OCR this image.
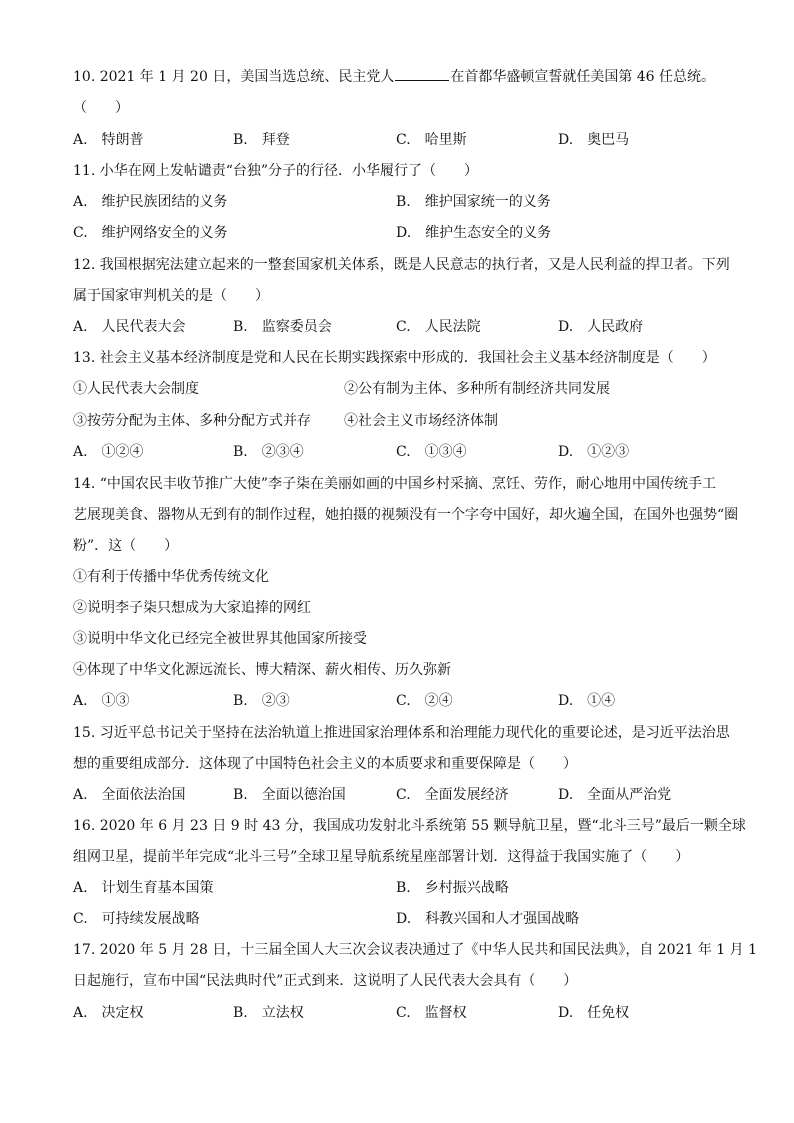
10. 2021 年 1 月 20 日，美国当选总统、民主党人	在首都华盛顿宣誓就任美国第 46 任总统。
（　　）
A.　特朗普	B.　拜登	C.　哈里斯	D.　奥巴马
11. 小华在网上发帖谴责“台独”分子的行径．小华履行了（　　）
A.　维护民族团结的义务	B.　维护国家统一的义务
C.　维护网络安全的义务	D.　维护生态安全的义务
12. 我国根据宪法建立起来的一整套国家机关体系，既是人民意志的执行者，又是人民利益的捍卫者。下列
属于国家审判机关的是（　　）
A.　人民代表大会	B.　监察委员会	C.　人民法院	D.　人民政府
13. 社会主义基本经济制度是党和人民在长期实践探索中形成的．我国社会主义基本经济制度是（　　）
①人民代表大会制度	②公有制为主体、多种所有制经济共同发展
③按劳分配为主体、多种分配方式并存 ④社会主义市场经济体制
A.　①②④	B.　②③④	C.　①③④	D.　①②③
14. “中国农民丰收节推广大使”李子柒在美丽如画的中国乡村采摘、烹饪、劳作，耐心地用中国传统手工
艺展现美食、器物从无到有的制作过程，她拍摄的视频没有一个字夸中国好，却火遍全国，在国外也强势“圈
粉”．这（　　）
①有利于传播中华优秀传统文化
②说明李子柒只想成为大家追捧的网红
③说明中华文化已经完全被世界其他国家所接受
④体现了中华文化源远流长、博大精深、薪火相传、历久弥新
A.　①③	B.　②③	C.　②④	D.　①④
15. 习近平总书记关于坚持在法治轨道上推进国家治理体系和治理能力现代化的重要论述，是习近平法治思
想的重要组成部分．这体现了中国特色社会主义的本质要求和重要保障是（　　）
A.　全面依法治国	B.　全面以德治国	C.　全面发展经济	D.　全面从严治党
16. 2020 年 6 月 23 日 9 时 43 分，我国成功发射北斗系统第 55 颗导航卫星，暨“北斗三号”最后一颗全球
组网卫星，提前半年完成“北斗三号”全球卫星导航系统星座部署计划．这得益于我国实施了（　　）
A.　计划生育基本国策	B.　乡村振兴战略
C.　可持续发展战略	D.　科教兴国和人才强国战略
17. 2020 年 5 月 28 日，十三届全国人大三次会议表决通过了《中华人民共和国民法典》，自 2021 年 1 月 1
日起施行，宣布中国“民法典时代”正式到来．这说明了人民代表大会具有（　　）
A.　决定权	B.　立法权	C.　监督权	D.　任免权
